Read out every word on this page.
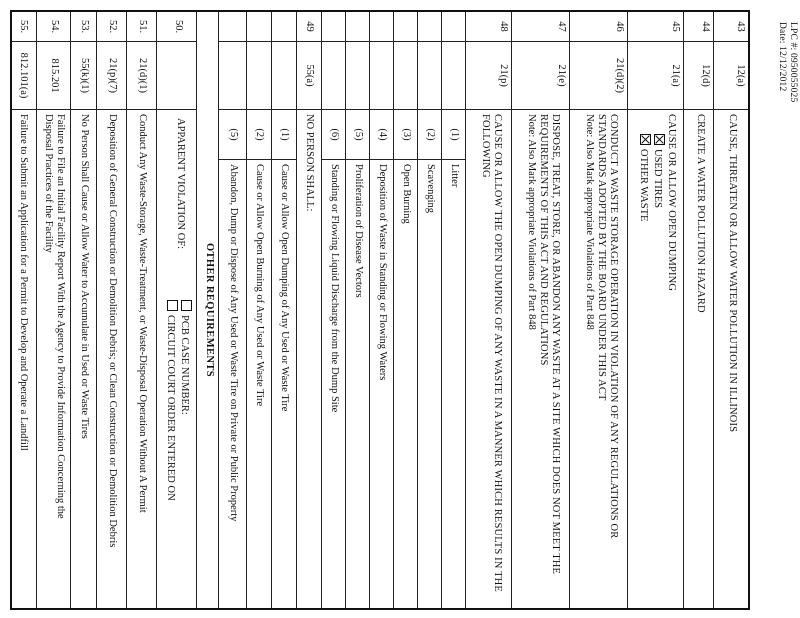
LPC #: 0950055025
Date: 12/12/2012
43
12(a)
CAUSE, THREATEN OR ALLOW WATER POLLUTION IN ILLINOIS
44
12(d)
CREATE A WATER POLLUTION HAZARD
45
21(a)
CAUSE OR ALLOW OPEN DUMPING
USED TIRES
OTHER WASTE
46
21(d)(2)
CONDUCT A WASTE STORAGE OPERATION IN VIOLATION OF ANY REGULATIONS OR
STANDARDS ADOPTED BY THE BOARD UNDER THIS ACT
Note: Also Mark appropriate Violations of Part 848
47
21(e)
DISPOSE, TREAT, STORE, OR ABANDON ANY WASTE AT A SITE WHICH DOES NOT MEET THE
REQUIREMENTS OF THIS ACT AND REGULATIONS
Note: Also Mark appropriate Violations of Part 848
48
21(p)
CAUSE OR ALLOW THE OPEN DUMPING OF ANY WASTE IN A MANNER WHICH RESULTS IN THE
FOLLOWING
(1)
Litter
(2)
Scavenging
(3)
Open Burning
(4)
Deposition of Waste in Standing or Flowing Waters
(5)
Proliferation of Disease Vectors
(6)
Standing or Flowing Liquid Discharge from the Dump Site
49
55(a)
NO PERSON SHALL:
(1)
Cause or Allow Open Dumping of Any Used or Waste Tire
(2)
Cause or Allow Open Burning of Any Used or Waste Tire
(5)
Abandon, Dump or Dispose of Any Used or Waste Tire on Private or Public Property
OTHER REQUIREMENTS
50.
APPARENT VIOLATION OF:
PCB CASE NUMBER:
CIRCUIT COURT ORDER ENTERED ON
51.
21(d)(1)
Conduct Any Waste-Storage, Waste-Treatment, or Waste-Disposal Operation Without A Permit
52.
21(p)(7)
Deposition of General Construction or Demolition Debris; or Clean Construction or Demolition Debris
53.
55(k)(1)
No Person Shall Cause or Allow Water to Accumulate in Used or Waste Tires
54.
815.201
Failure to File an Initial Facility Report With the Agency to Provide Information Concerning the
Disposal Practices of the Facility
55.
812.101(a)
Failure to Submit an Application for a Permit to Develop and Operate a Landfill
